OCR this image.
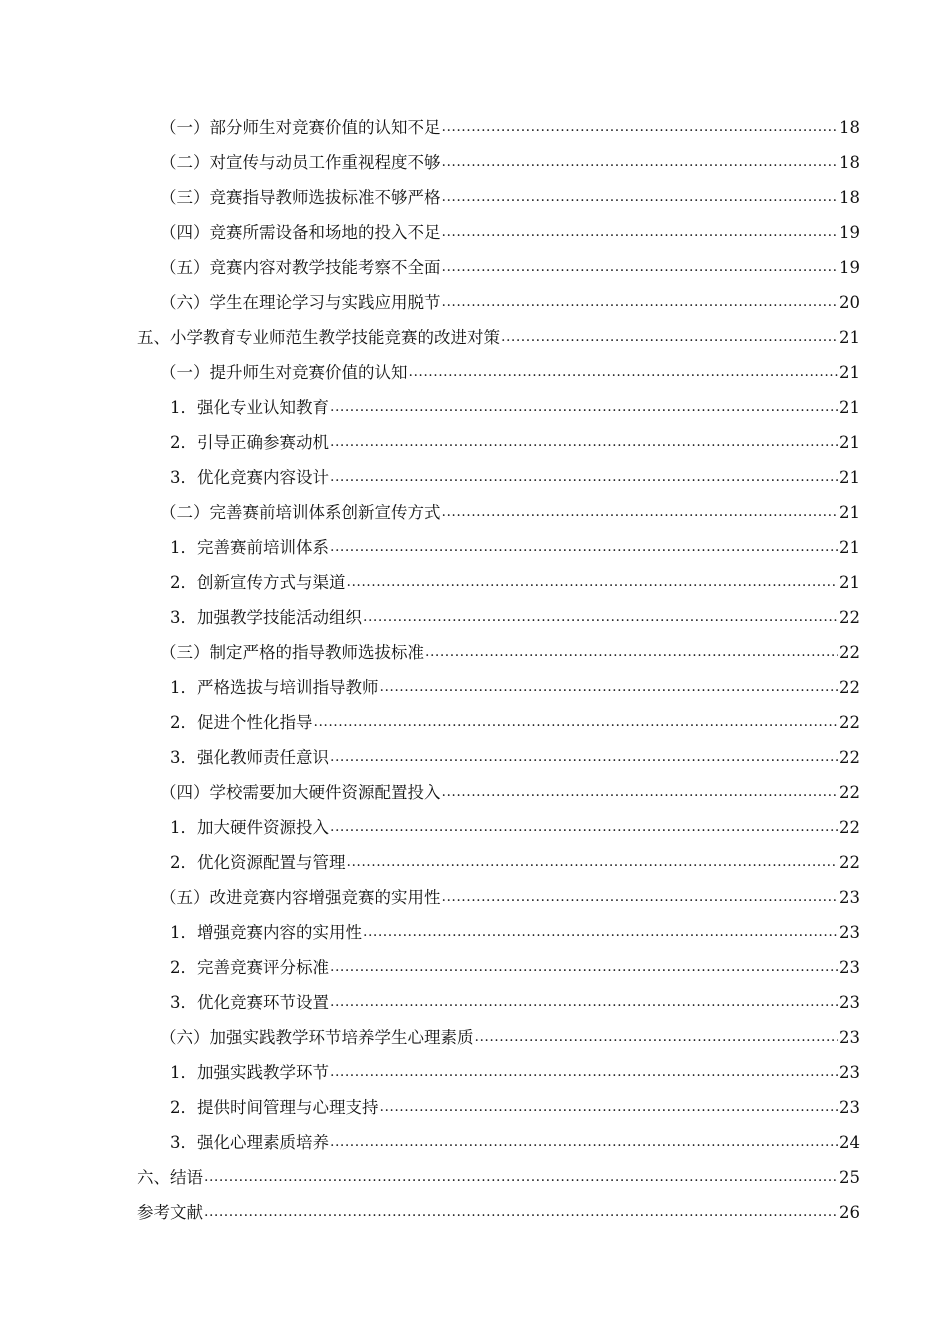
（一）部分师生对竞赛价值的认知不足 .....	18
（二）对宣传与动员工作重视程度不够 .....	18
（三）竞赛指导教师选拔标准不够严格 .....	18
（四）竞赛所需设备和场地的投入不足 .....	19
（五）竞赛内容对教学技能考察不全面 .....	19
（六）学生在理论学习与实践应用脱节 .....	20
五、小学教育专业师范生教学技能竞赛的改进对策 .....	21
（一）提升师生对竞赛价值的认知 .....	21
1．强化专业认知教育 .....	21
2．引导正确参赛动机 .....	21
3．优化竞赛内容设计 .....	21
（二）完善赛前培训体系创新宣传方式 .....	21
1．完善赛前培训体系 .....	21
2．创新宣传方式与渠道 .....	21
3．加强教学技能活动组织 .....	22
（三）制定严格的指导教师选拔标准 .....	22
1．严格选拔与培训指导教师 .....	22
2．促进个性化指导 .....	22
3．强化教师责任意识 .....	22
（四）学校需要加大硬件资源配置投入 .....	22
1．加大硬件资源投入 .....	22
2．优化资源配置与管理 .....	22
（五）改进竞赛内容增强竞赛的实用性 .....	23
1．增强竞赛内容的实用性 .....	23
2．完善竞赛评分标准 .....	23
3．优化竞赛环节设置 .....	23
（六）加强实践教学环节培养学生心理素质 .....	23
1．加强实践教学环节 .....	23
2．提供时间管理与心理支持 .....	23
3．强化心理素质培养 .....	24
六、结语 .....	25
参考文献 .....	26
